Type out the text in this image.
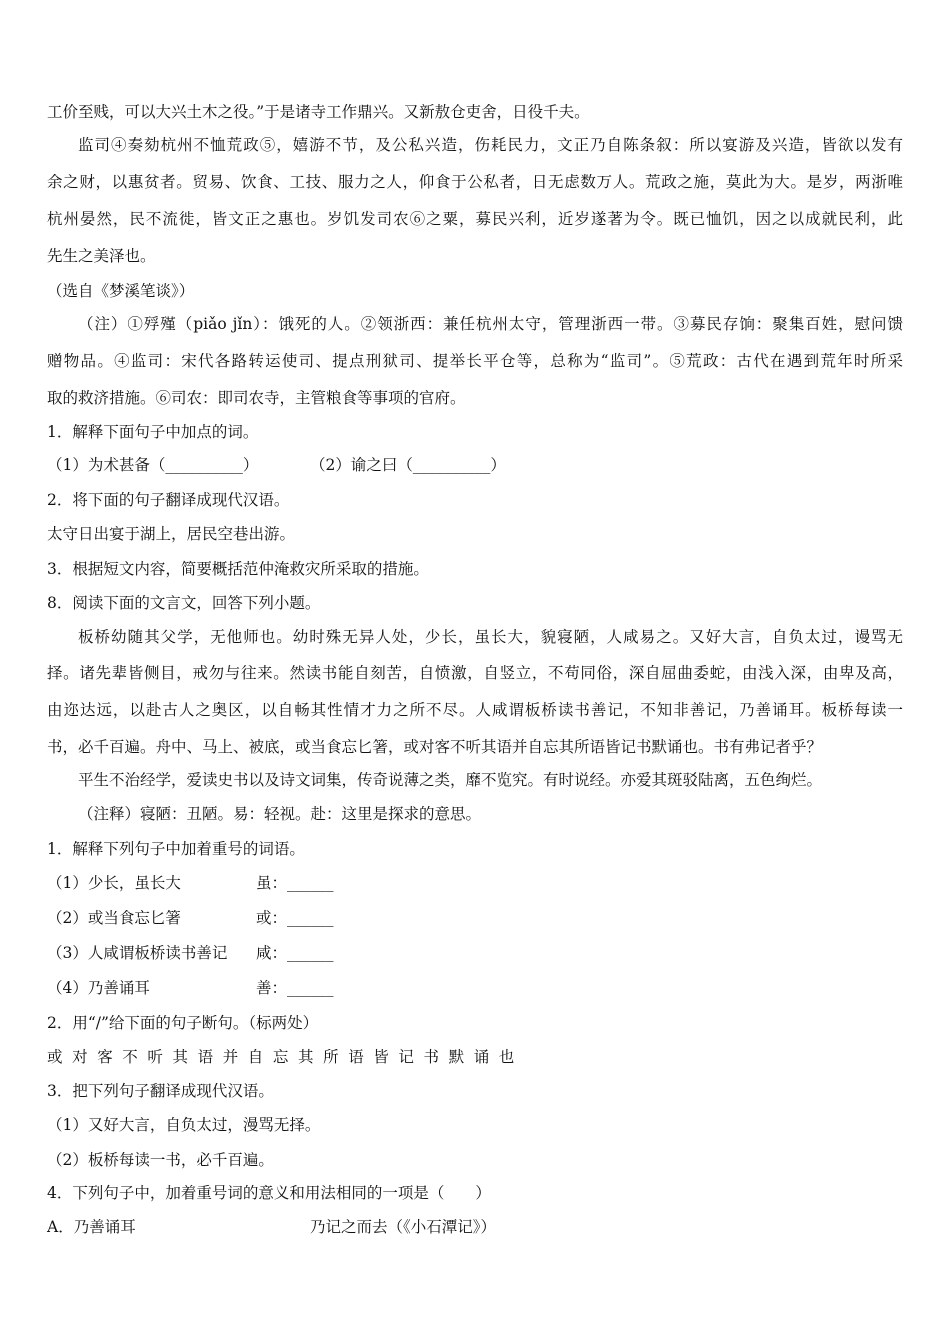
工价至贱，可以大兴土木之役。”于是诸寺工作鼎兴。又新敖仓吏舍，日役千夫。
监司④奏劾杭州不恤荒政⑤，嬉游不节，及公私兴造，伤耗民力，文正乃自陈条叙：所以宴游及兴造，皆欲以发有
余之财，以惠贫者。贸易、饮食、工技、服力之人，仰食于公私者，日无虑数万人。荒政之施，莫此为大。是岁，两浙唯
杭州晏然，民不流徙，皆文正之惠也。岁饥发司农⑥之粟，募民兴利，近岁遂著为令。既已恤饥，因之以成就民利，此
先生之美泽也。
（选自《梦溪笔谈》）
（注）①殍殣（piǎo jǐn）：饿死的人。②领浙西：兼任杭州太守，管理浙西一带。③募民存饷：聚集百姓，慰问馈
赠物品。④监司：宋代各路转运使司、提点刑狱司、提举长平仓等，总称为“监司”。⑤荒政：古代在遇到荒年时所采
取的救济措施。⑥司农：即司农寺，主管粮食等事项的官府。
1．解释下面句子中加点的词。
（1）为术甚备（__________）	（2）谕之曰（__________）
2．将下面的句子翻译成现代汉语。
太守日出宴于湖上，居民空巷出游。
3．根据短文内容，简要概括范仲淹救灾所采取的措施。
8．阅读下面的文言文，回答下列小题。
板桥幼随其父学，无他师也。幼时殊无异人处，少长，虽长大，貌寝陋，人咸易之。又好大言，自负太过，谩骂无
择。诸先辈皆侧目，戒勿与往来。然读书能自刻苦，自愤激，自竖立，不苟同俗，深自屈曲委蛇，由浅入深，由卑及高，
由迩达远，以赴古人之奥区，以自畅其性情才力之所不尽。人咸谓板桥读书善记，不知非善记，乃善诵耳。板桥每读一
书，必千百遍。舟中、马上、被底，或当食忘匕箸，或对客不听其语并自忘其所语皆记书默诵也。书有弗记者乎？
平生不治经学，爱读史书以及诗文词集，传奇说薄之类，靡不览究。有时说经。亦爱其斑驳陆离，五色绚烂。
（注释）寝陋：丑陋。易：轻视。赴：这里是探求的意思。
1．解释下列句子中加着重号的词语。
（1）少长，虽长大	虽：______
（2）或当食忘匕箸	或：______
（3）人咸谓板桥读书善记 咸：______
（4）乃善诵耳	善：______
2．用“/”给下面的句子断句。（标两处）
或对客不听其语并自忘其所语皆记书默诵也
3．把下列句子翻译成现代汉语。
（1）又好大言，自负太过，漫骂无择。
（2）板桥每读一书，必千百遍。
4．下列句子中，加着重号词的意义和用法相同的一项是（　　）
A．乃善诵耳	乃记之而去（《小石潭记》）
